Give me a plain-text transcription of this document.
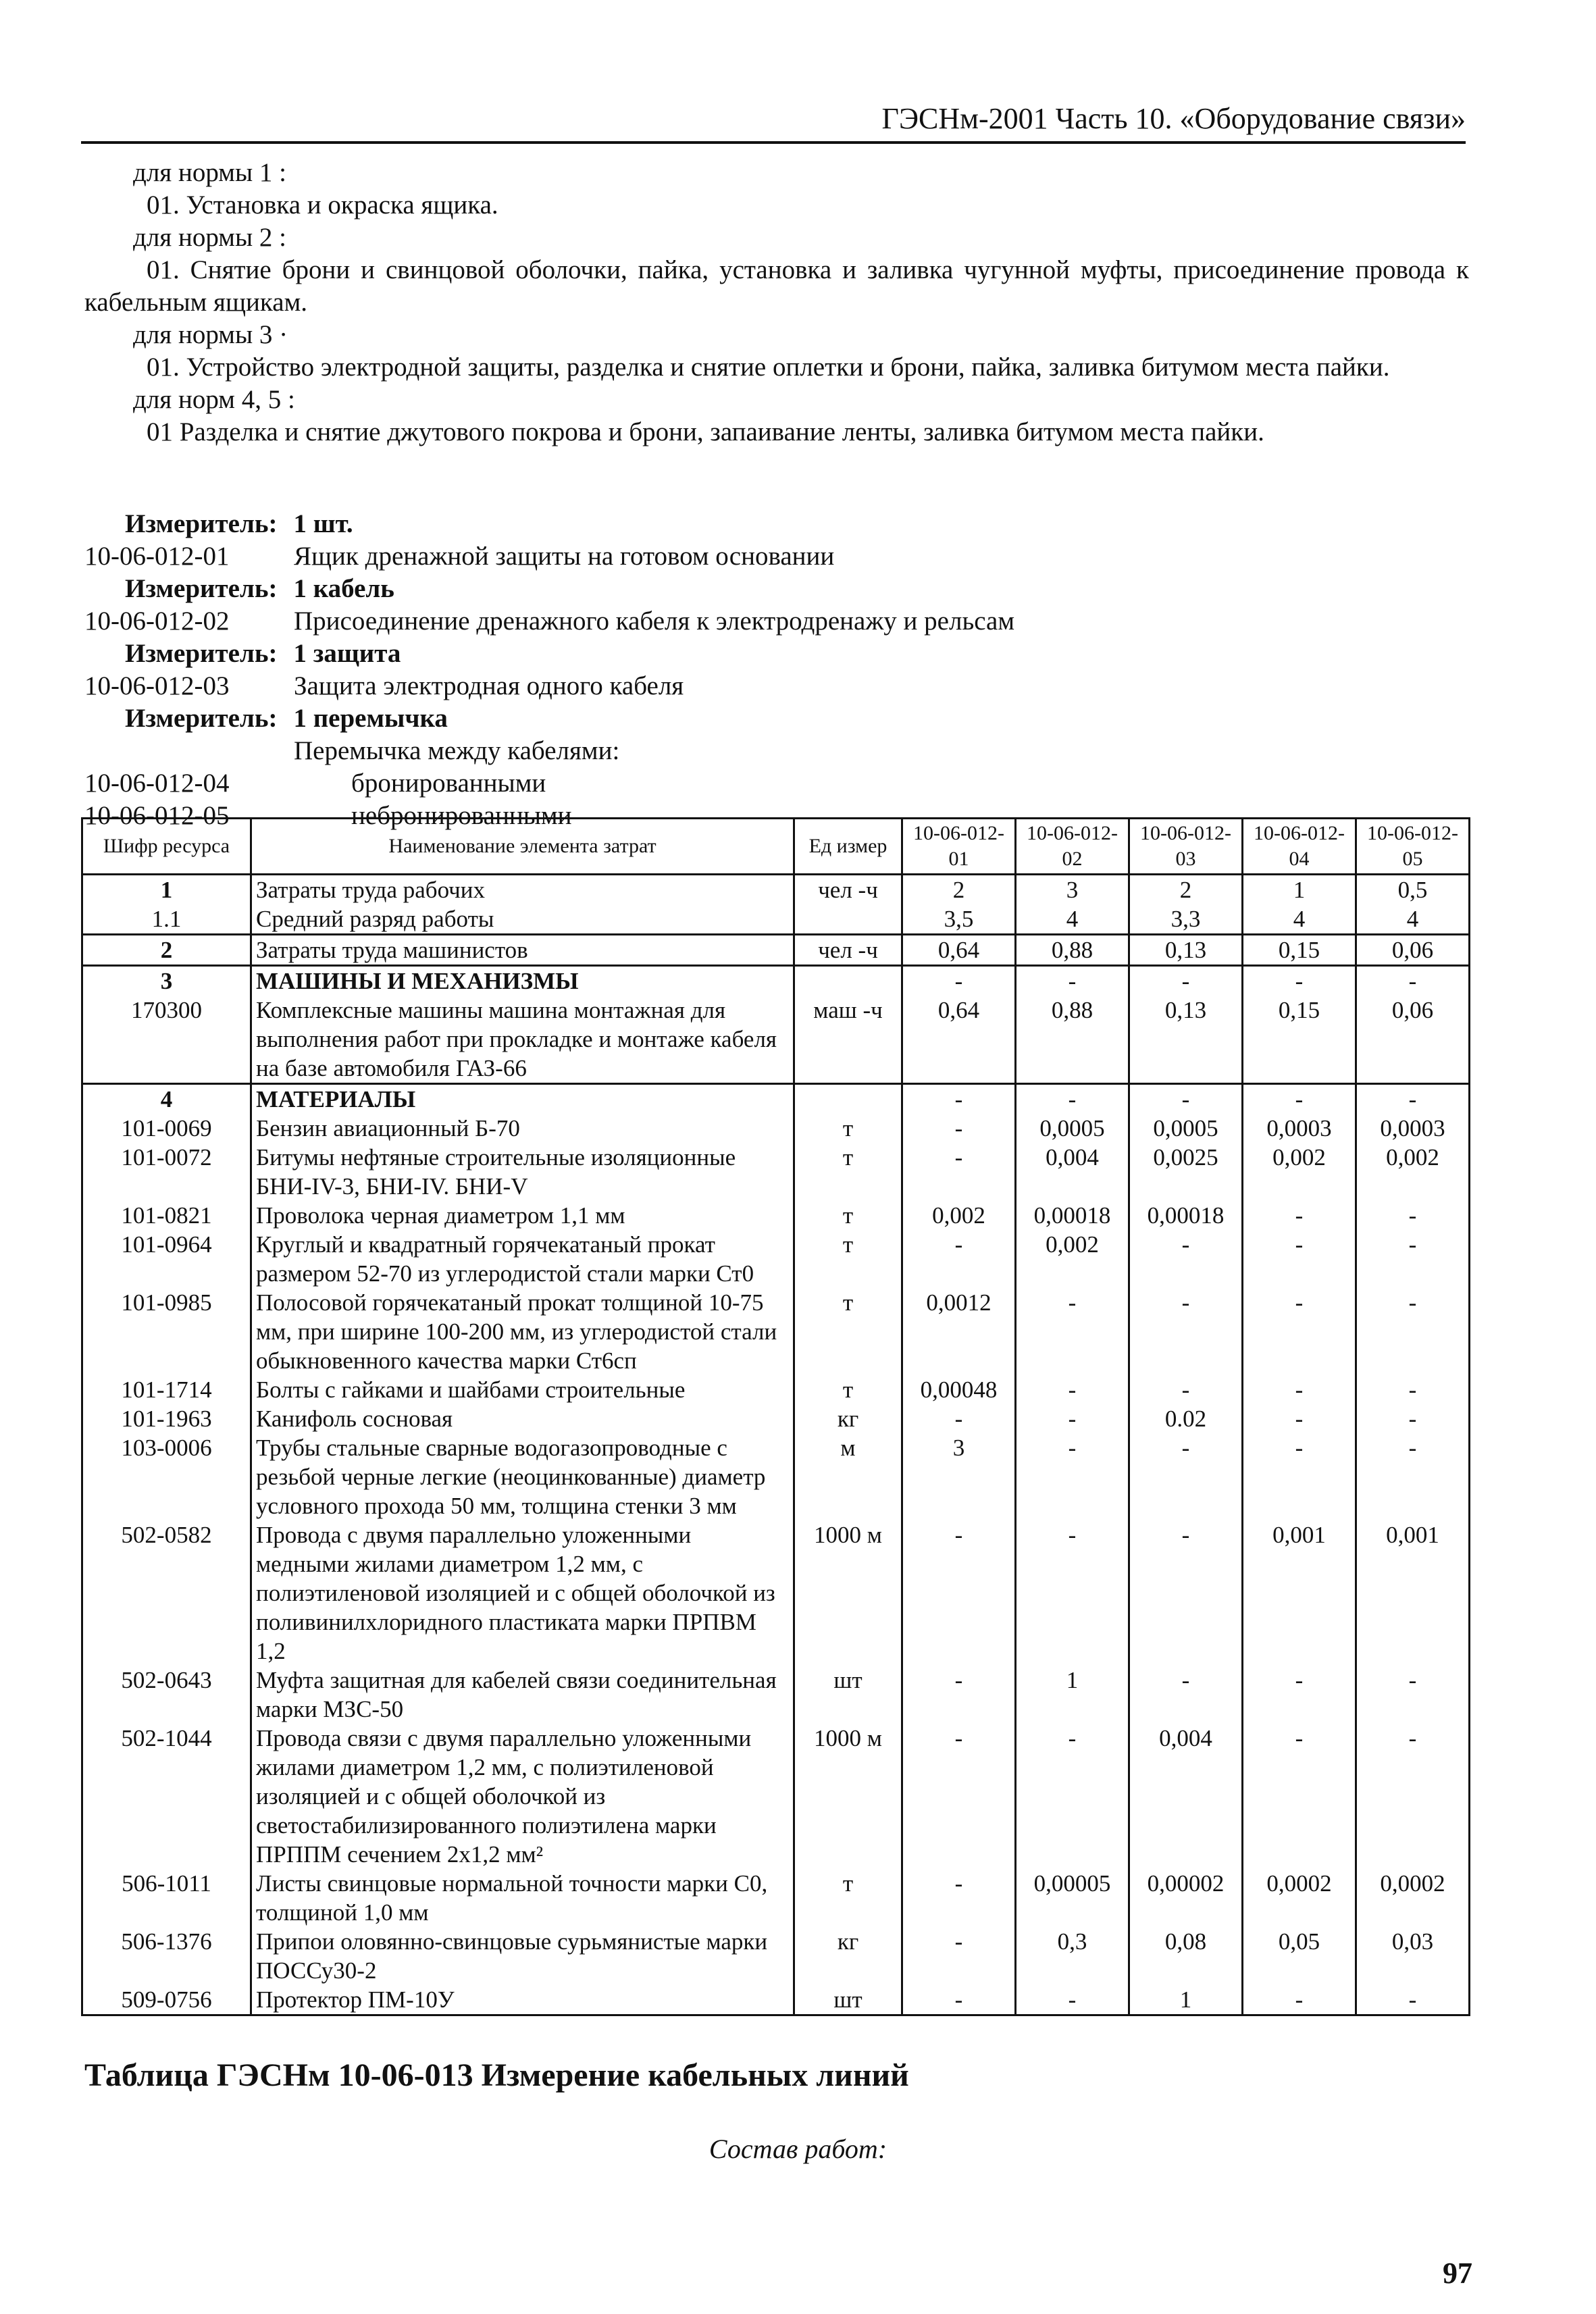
ГЭСНм-2001 Часть 10. «Оборудование связи»

для нормы 1 :

01. Установка и окраска ящика.

для нормы 2 :

01. Снятие брони и свинцовой оболочки, пайка, установка и заливка чугунной муфты, присоединение провода к кабельным ящикам.

для нормы 3 ·

01. Устройство электродной защиты, разделка и снятие оплетки и брони, пайка, заливка битумом места пайки.

для норм 4, 5 :

01 Разделка и снятие джутового покрова и брони, запаивание ленты, заливка битумом места пайки.

Измеритель: 1 шт.
10-06-012-01 Ящик дренажной защиты на готовом основании
Измеритель: 1 кабель
10-06-012-02 Присоединение дренажного кабеля к электродренажу и рельсам
Измеритель: 1 защита
10-06-012-03 Защита электродная одного кабеля
Измеритель: 1 перемычка
Перемычка между кабелями:
10-06-012-04	бронированными
10-06-012-05	небронированными
Шифр ресурса	Наименование элемента затрат	Ед измер	10-06-012-01	10-06-012-02	10-06-012-03	10-06-012-04	10-06-012-05
1	Затраты труда рабочих	чел -ч	2	3	2	1	0,5
1.1	Средний разряд работы		3,5	4	3,3	4	4
2	Затраты труда машинистов	чел -ч	0,64	0,88	0,13	0,15	0,06
3	МАШИНЫ И МЕХАНИЗМЫ		-	-	-	-	-
170300	Комплексные машины машина монтажная для выполнения работ при прокладке и монтаже кабеля на базе автомобиля ГАЗ-66	маш -ч	0,64	0,88	0,13	0,15	0,06
4	МАТЕРИАЛЫ		-	-	-	-	-
101-0069	Бензин авиационный Б-70	т	-	0,0005	0,0005	0,0003	0,0003
101-0072	Битумы нефтяные строительные изоляционные БНИ-IV-3, БНИ-IV. БНИ-V	т	-	0,004	0,0025	0,002	0,002
101-0821	Проволока черная диаметром 1,1 мм	т	0,002	0,00018	0,00018	-	-
101-0964	Круглый и квадратный горячекатаный прокат размером 52-70 из углеродистой стали марки Ст0	т	-	0,002	-	-	-
101-0985	Полосовой горячекатаный прокат толщиной 10-75 мм, при ширине 100-200 мм, из углеродистой стали обыкновенного качества марки Ст6сп	т	0,0012	-	-	-	-
101-1714	Болты с гайками и шайбами строительные	т	0,00048	-	-	-	-
101-1963	Канифоль сосновая	кг	-	-	0.02	-	-
103-0006	Трубы стальные сварные водогазопроводные с резьбой черные легкие (неоцинкованные) диаметр условного прохода 50 мм, толщина стенки 3 мм	м	3	-	-	-	-
502-0582	Провода с двумя параллельно уложенными медными жилами диаметром 1,2 мм, с полиэтиленовой изоляцией и с общей оболочкой из поливинилхлоридного пластиката марки ПРПВМ 1,2	1000 м	-	-	-	0,001	0,001
502-0643	Муфта защитная для кабелей связи соединительная марки МЗС-50	шт	-	1	-	-	-
502-1044	Провода связи с двумя параллельно уложенными жилами диаметром 1,2 мм, с полиэтиленовой изоляцией и с общей оболочкой из светостабилизированного полиэтилена марки ПРППМ сечением 2х1,2 мм²	1000 м	-	-	0,004	-	-
506-1011	Листы свинцовые нормальной точности марки С0, толщиной 1,0 мм	т	-	0,00005	0,00002	0,0002	0,0002
506-1376	Припои оловянно-свинцовые сурьмянистые марки ПОССу30-2	кг	-	0,3	0,08	0,05	0,03
509-0756	Протектор ПМ-10У	шт	-	-	1	-	-
Таблица ГЭСНм 10-06-013 Измерение кабельных линий
Состав работ:
97
